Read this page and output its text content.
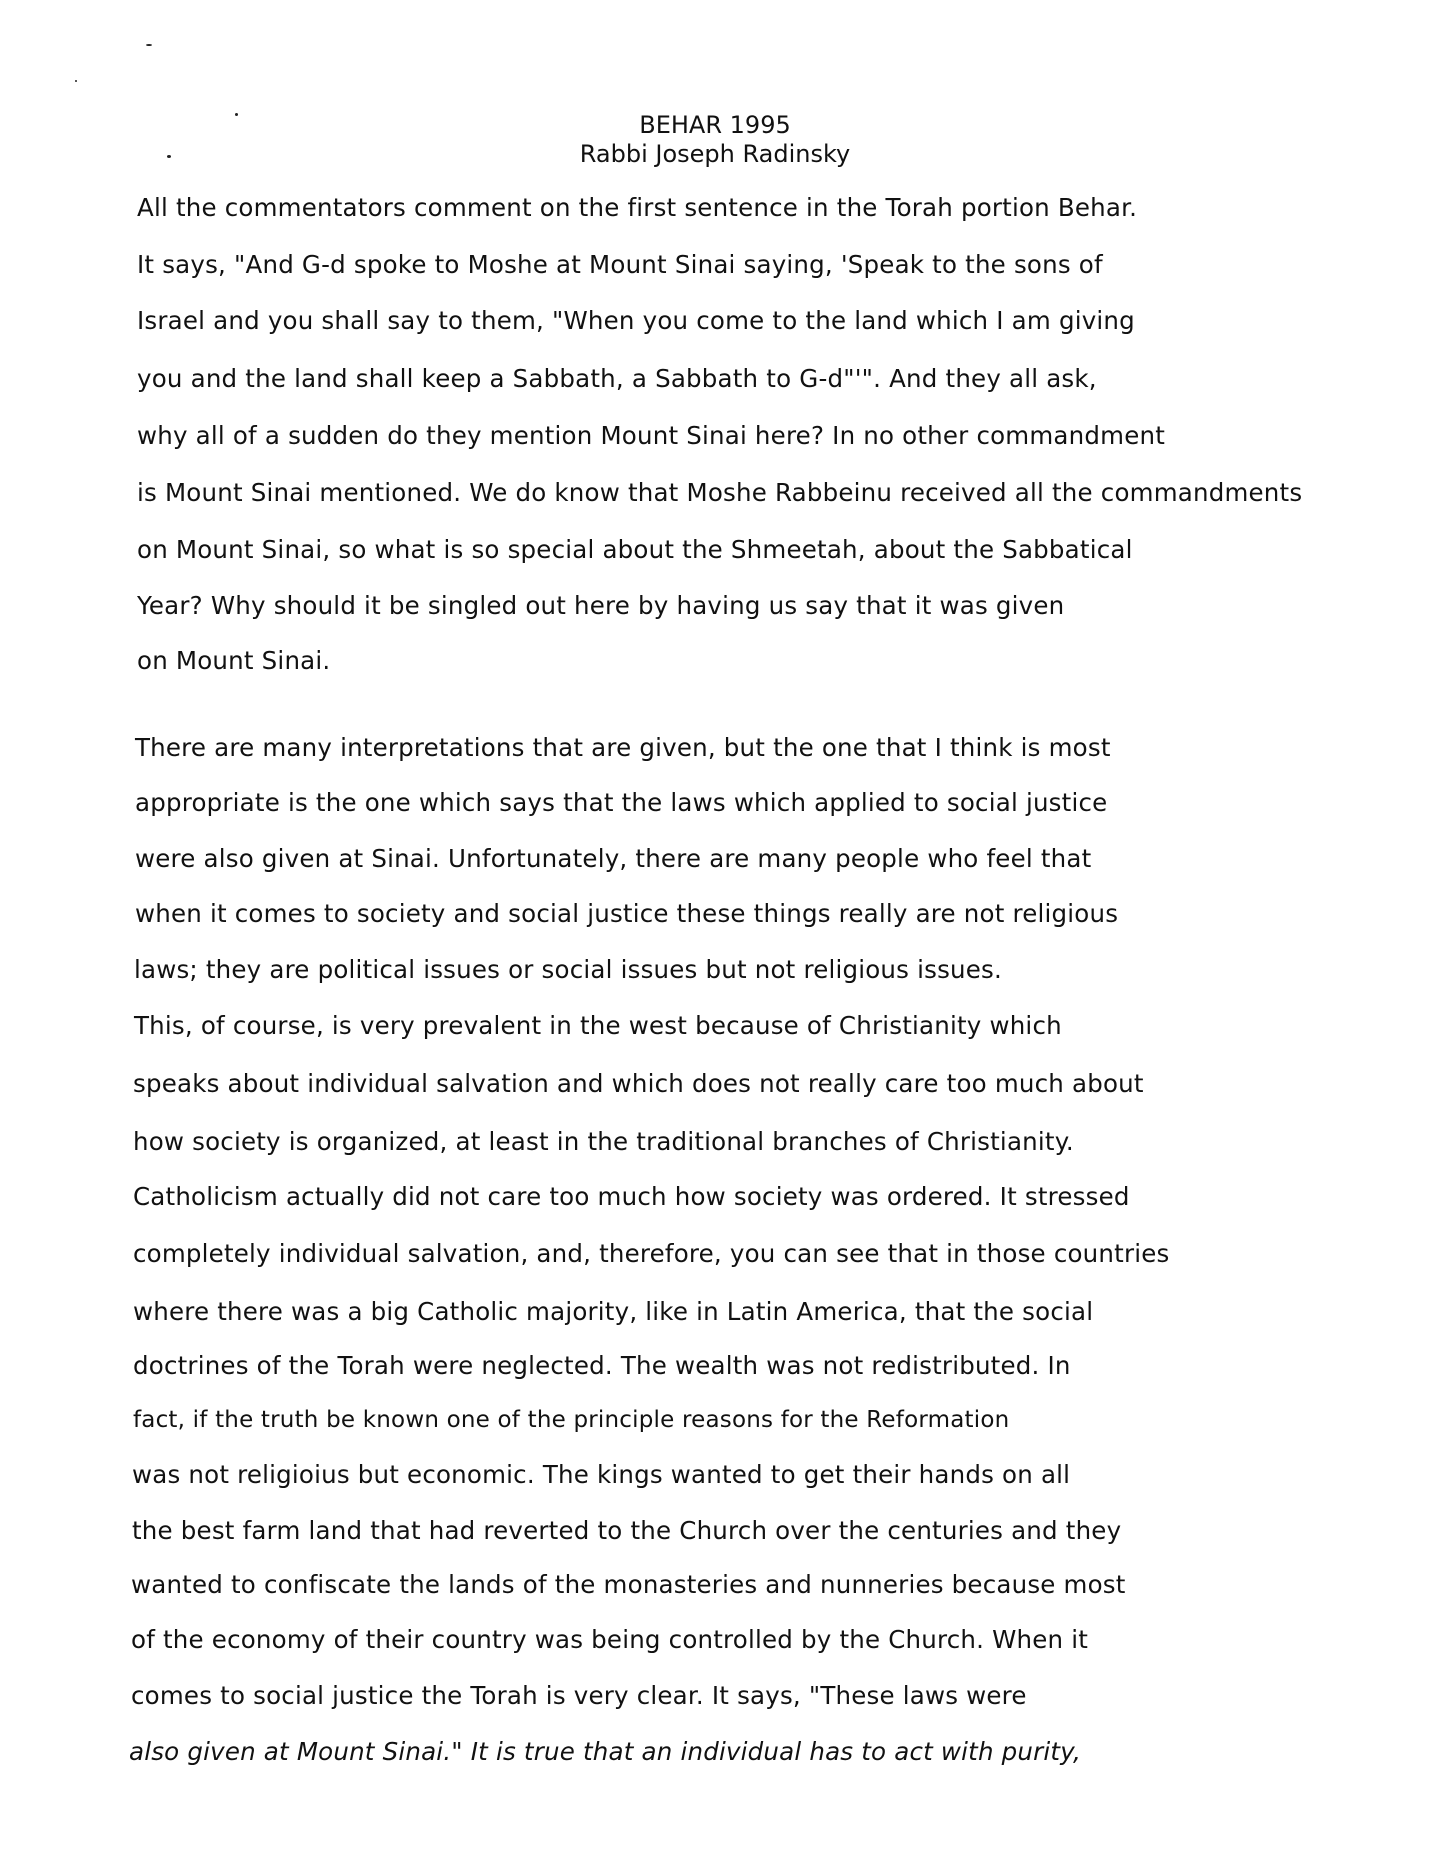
BEHAR 1995
Rabbi Joseph Radinsky
All the commentators comment on the first sentence in the Torah portion Behar.
It says, "And G-d spoke to Moshe at Mount Sinai saying, 'Speak to the sons of
Israel and you shall say to them, "When you come to the land which I am giving
you and the land shall keep a Sabbath, a Sabbath to G-d"'". And they all ask,
why all of a sudden do they mention Mount Sinai here? In no other commandment
is Mount Sinai mentioned. We do know that Moshe Rabbeinu received all the commandments
on Mount Sinai, so what is so special about the Shmeetah, about the Sabbatical
Year? Why should it be singled out here by having us say that it was given
on Mount Sinai.
There are many interpretations that are given, but the one that I think is most
appropriate is the one which says that the laws which applied to social justice
were also given at Sinai. Unfortunately, there are many people who feel that
when it comes to society and social justice these things really are not religious
laws; they are political issues or social issues but not religious issues.
This, of course, is very prevalent in the west because of Christianity which
speaks about individual salvation and which does not really care too much about
how society is organized, at least in the traditional branches of Christianity.
Catholicism actually did not care too much how society was ordered. It stressed
completely individual salvation, and, therefore, you can see that in those countries
where there was a big Catholic majority, like in Latin America, that the social
doctrines of the Torah were neglected. The wealth was not redistributed. In
fact, if the truth be known one of the principle reasons for the Reformation
was not religioius but economic. The kings wanted to get their hands on all
the best farm land that had reverted to the Church over the centuries and they
wanted to confiscate the lands of the monasteries and nunneries because most
of the economy of their country was being controlled by the Church. When it
comes to social justice the Torah is very clear. It says, "These laws were
also given at Mount Sinai." It is true that an individual has to act with purity,
